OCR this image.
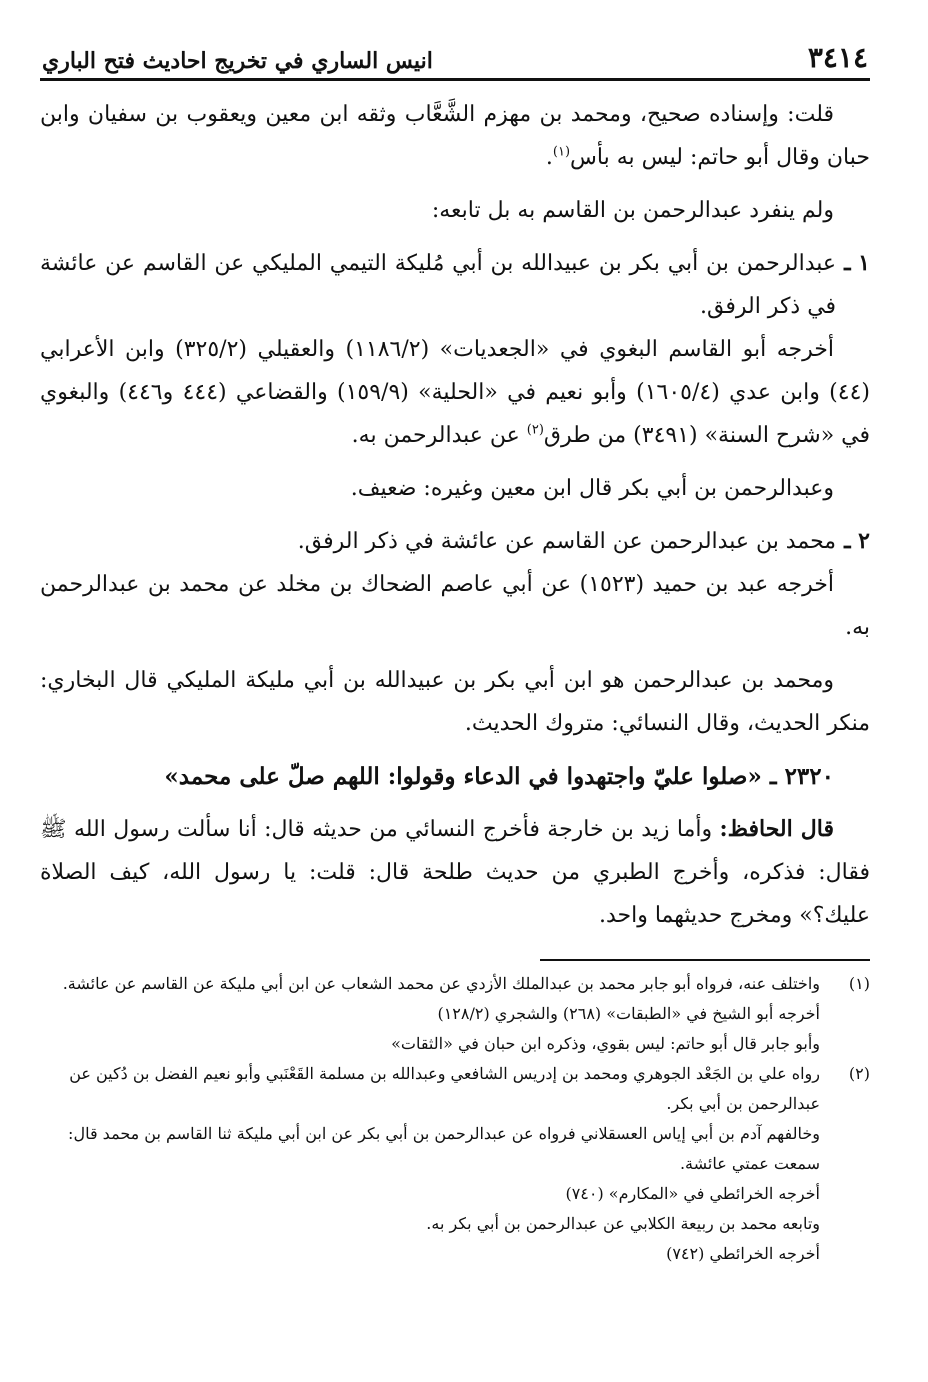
٣٤١٤
انيس الساري في تخريج احاديث فتح الباري

قلت: وإسناده صحيح، ومحمد بن مهزم الشَّعَّاب وثقه ابن معين ويعقوب بن سفيان وابن حبان وقال أبو حاتم: ليس به بأس$^{(١)}$.

ولم ينفرد عبدالرحمن بن القاسم به بل تابعه:

١ ـ
عبدالرحمن بن أبي بكر بن عبيدالله بن أبي مُليكة التيمي المليكي عن القاسم عن عائشة في ذكر الرفق.

أخرجه أبو القاسم البغوي في «الجعديات» (١١٨٦/٢) والعقيلي (٣٢٥/٢) وابن الأعرابي (٤٤) وابن عدي (١٦٠٥/٤) وأبو نعيم في «الحلية» (١٥٩/٩) والقضاعي (٤٤٤ و٤٤٦) والبغوي في «شرح السنة» (٣٤٩١) من طرق$^{(٢)}$ عن عبدالرحمن به.

وعبدالرحمن بن أبي بكر قال ابن معين وغيره: ضعيف.

٢ ـ
محمد بن عبدالرحمن عن القاسم عن عائشة في ذكر الرفق.

أخرجه عبد بن حميد (١٥٢٣) عن أبي عاصم الضحاك بن مخلد عن محمد بن عبدالرحمن به.

ومحمد بن عبدالرحمن هو ابن أبي بكر بن عبيدالله بن أبي مليكة المليكي قال البخاري: منكر الحديث، وقال النسائي: متروك الحديث.

٢٣٢٠ ـ «صلوا عليّ واجتهدوا في الدعاء وقولوا: اللهم صلّ على محمد»

قال الحافظ: وأما زيد بن خارجة فأخرج النسائي من حديثه قال: أنا سألت رسول الله ﷺ فقال: فذكره، وأخرج الطبري من حديث طلحة قال: قلت: يا رسول الله، كيف الصلاة عليك؟» ومخرج حديثهما واحد.

(١)
واختلف عنه، فرواه أبو جابر محمد بن عبدالملك الأزدي عن محمد الشعاب عن ابن أبي مليكة عن القاسم عن عائشة.
أخرجه أبو الشيخ في «الطبقات» (٢٦٨) والشجري (١٢٨/٢)
وأبو جابر قال أبو حاتم: ليس بقوي، وذكره ابن حبان في «الثقات»
(٢)
رواه علي بن الجَعْد الجوهري ومحمد بن إدريس الشافعي وعبدالله بن مسلمة القَعْنَبي وأبو نعيم الفضل بن دُكين عن عبدالرحمن بن أبي بكر.
وخالفهم آدم بن أبي إياس العسقلاني فرواه عن عبدالرحمن بن أبي بكر عن ابن أبي مليكة ثنا القاسم بن محمد قال: سمعت عمتي عائشة.
أخرجه الخرائطي في «المكارم» (٧٤٠)
وتابعه محمد بن ربيعة الكلابي عن عبدالرحمن بن أبي بكر به.
أخرجه الخرائطي (٧٤٢)
